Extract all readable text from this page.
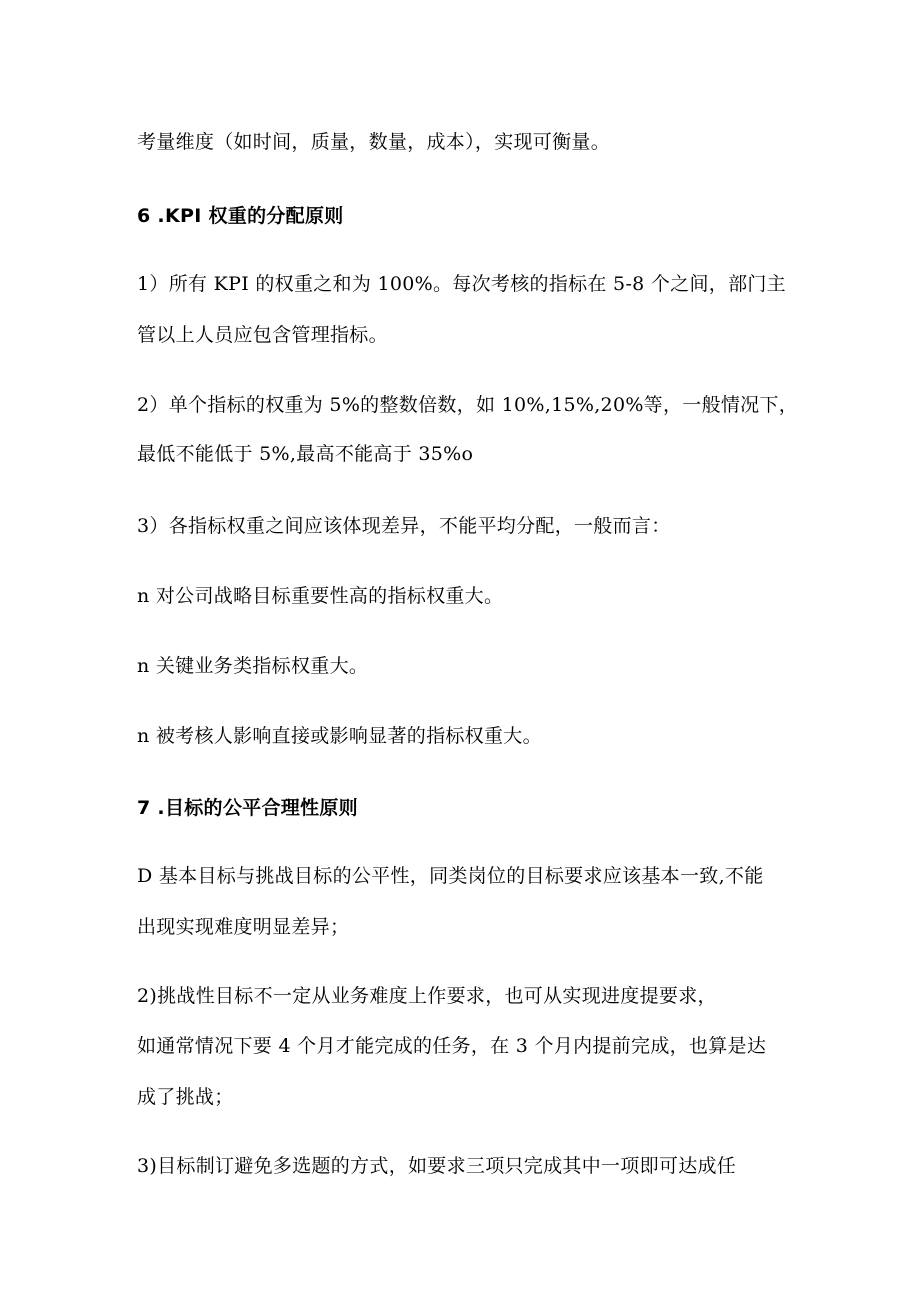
考量维度（如时间，质量，数量，成本），实现可衡量。
6 .KPI 权重的分配原则
1）所有 KPI 的权重之和为 100%。每次考核的指标在 5-8 个之间，部门主
管以上人员应包含管理指标。
2）单个指标的权重为 5%的整数倍数，如 10%,15%,20%等，一般情况下，
最低不能低于 5%,最高不能高于 35%o
3）各指标权重之间应该体现差异，不能平均分配，一般而言：
n 对公司战略目标重要性高的指标权重大。
n 关键业务类指标权重大。
n 被考核人影响直接或影响显著的指标权重大。
7 .目标的公平合理性原则
D 基本目标与挑战目标的公平性，同类岗位的目标要求应该基本一致,不能
出现实现难度明显差异；
2)挑战性目标不一定从业务难度上作要求，也可从实现进度提要求，
如通常情况下要 4 个月才能完成的任务，在 3 个月内提前完成，也算是达
成了挑战；
3)目标制订避免多选题的方式，如要求三项只完成其中一项即可达成任
